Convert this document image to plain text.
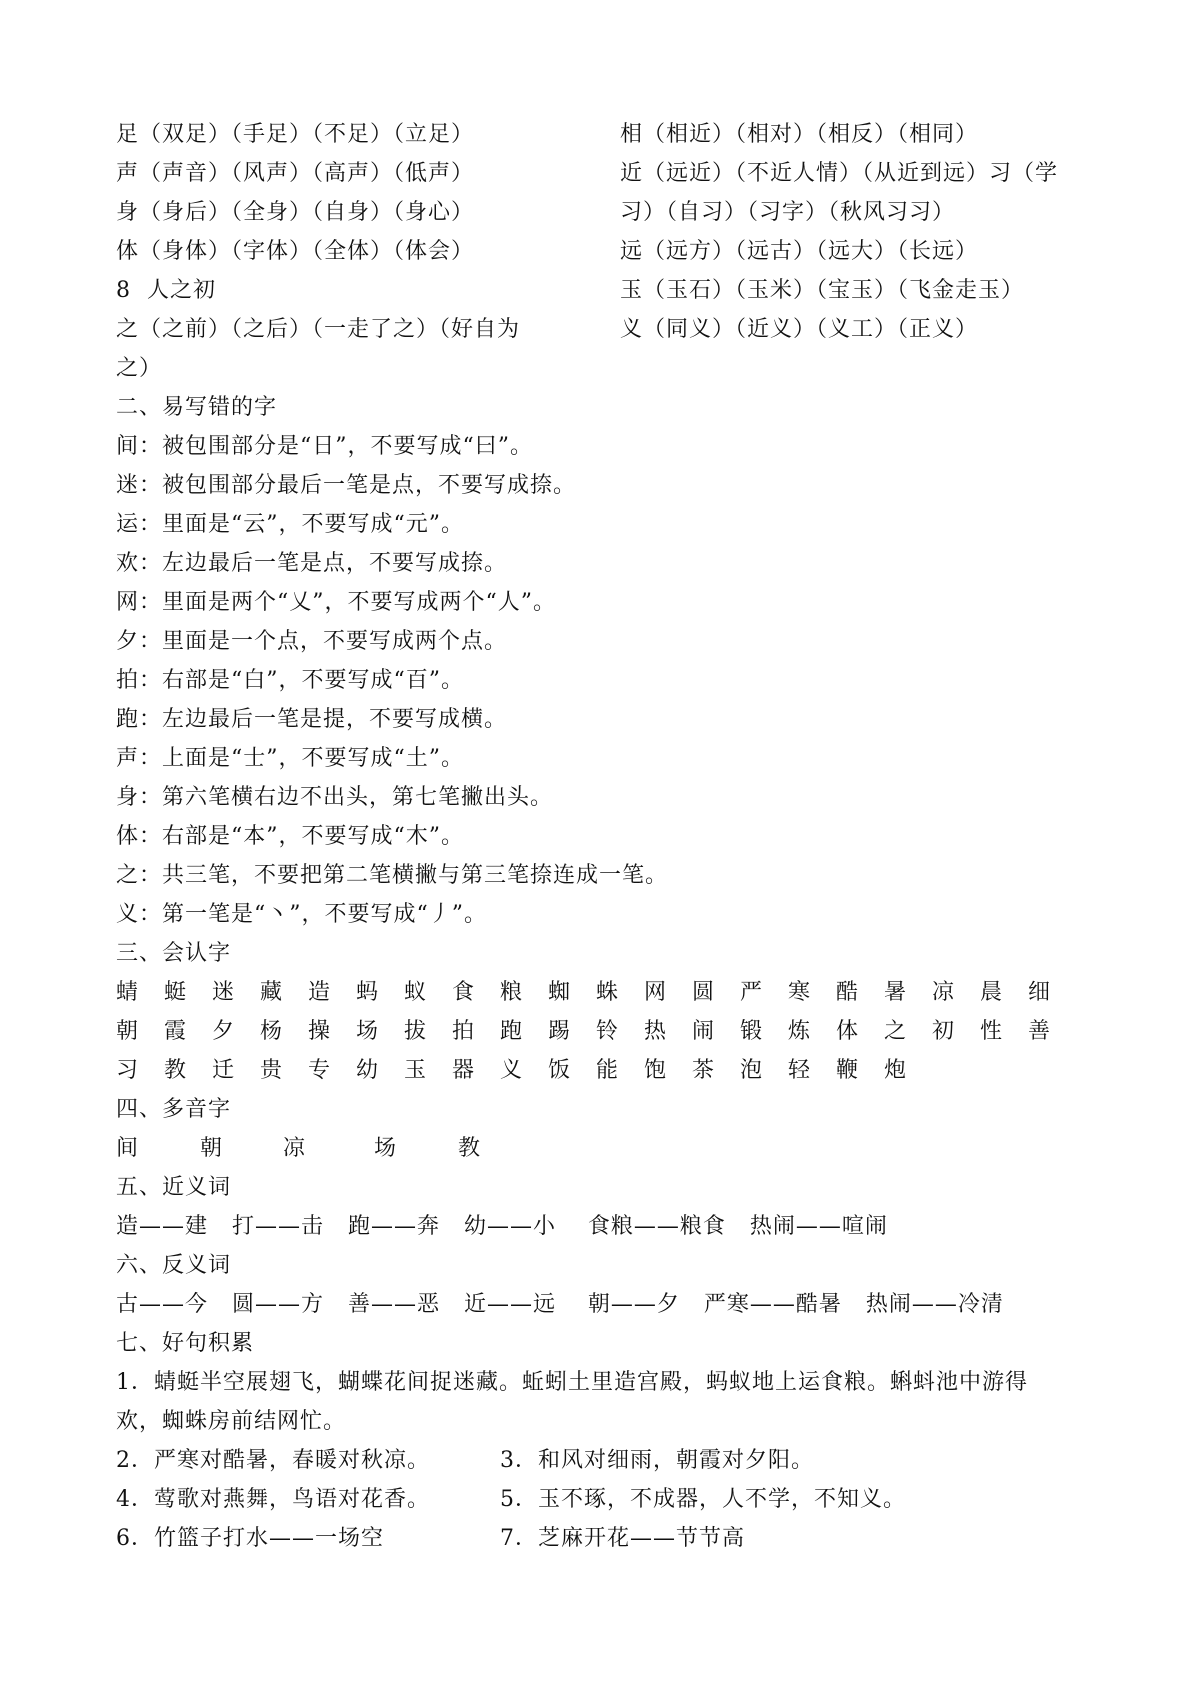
足（双足）（手足）（不足）（立足）
声（声音）（风声）（高声）（低声）
身（身后）（全身）（自身）（身心）
体（身体）（字体）（全体）（体会）
8  人之初
之（之前）（之后）（一走了之）（好自为
之）
相（相近）（相对）（相反）（相同）
近（远近）（不近人情）（从近到远）习（学
习）（自习）（习字）（秋风习习）
远（远方）（远古）（远大）（长远）
玉（玉石）（玉米）（宝玉）（飞金走玉）
义（同义）（近义）（义工）（正义）
二、易写错的字
间：被包围部分是“日”，不要写成“曰”。
迷：被包围部分最后一笔是点，不要写成捺。
运：里面是“云”，不要写成“元”。
欢：左边最后一笔是点，不要写成捺。
网：里面是两个“乂”，不要写成两个“人”。
夕：里面是一个点，不要写成两个点。
拍：右部是“白”，不要写成“百”。
跑：左边最后一笔是提，不要写成横。
声：上面是“士”，不要写成“土”。
身：第六笔横右边不出头，第七笔撇出头。
体：右部是“本”，不要写成“木”。
之：共三笔，不要把第二笔横撇与第三笔捺连成一笔。
义：第一笔是“丶”，不要写成“丿”。
三、会认字
蜻	蜓	迷	藏	造	蚂	蚁	食	粮	蜘	蛛	网	圆	严	寒	酷	暑	凉	晨	细
朝	霞	夕	杨	操	场	拔	拍	跑	踢	铃	热	闹	锻	炼	体	之	初	性	善
习	教	迁	贵	专	幼	玉	器	义	饭	能	饱	茶	泡	轻	鞭	炮
四、多音字
间	朝	凉	场	教
五、近义词
造——建   打——击   跑——奔   幼——小    食粮——粮食   热闹——喧闹
六、反义词
古——今   圆——方   善——恶   近——远    朝——夕   严寒——酷暑   热闹——冷清
七、好句积累
1．蜻蜓半空展翅飞，蝴蝶花间捉迷藏。蚯蚓土里造宫殿，蚂蚁地上运食粮。蝌蚪池中游得
欢，蜘蛛房前结网忙。
2．严寒对酷暑，春暖对秋凉。	3．和风对细雨，朝霞对夕阳。
4．莺歌对燕舞，鸟语对花香。	5．玉不琢，不成器，人不学，不知义。
6．竹篮子打水——一场空	7．芝麻开花——节节高
